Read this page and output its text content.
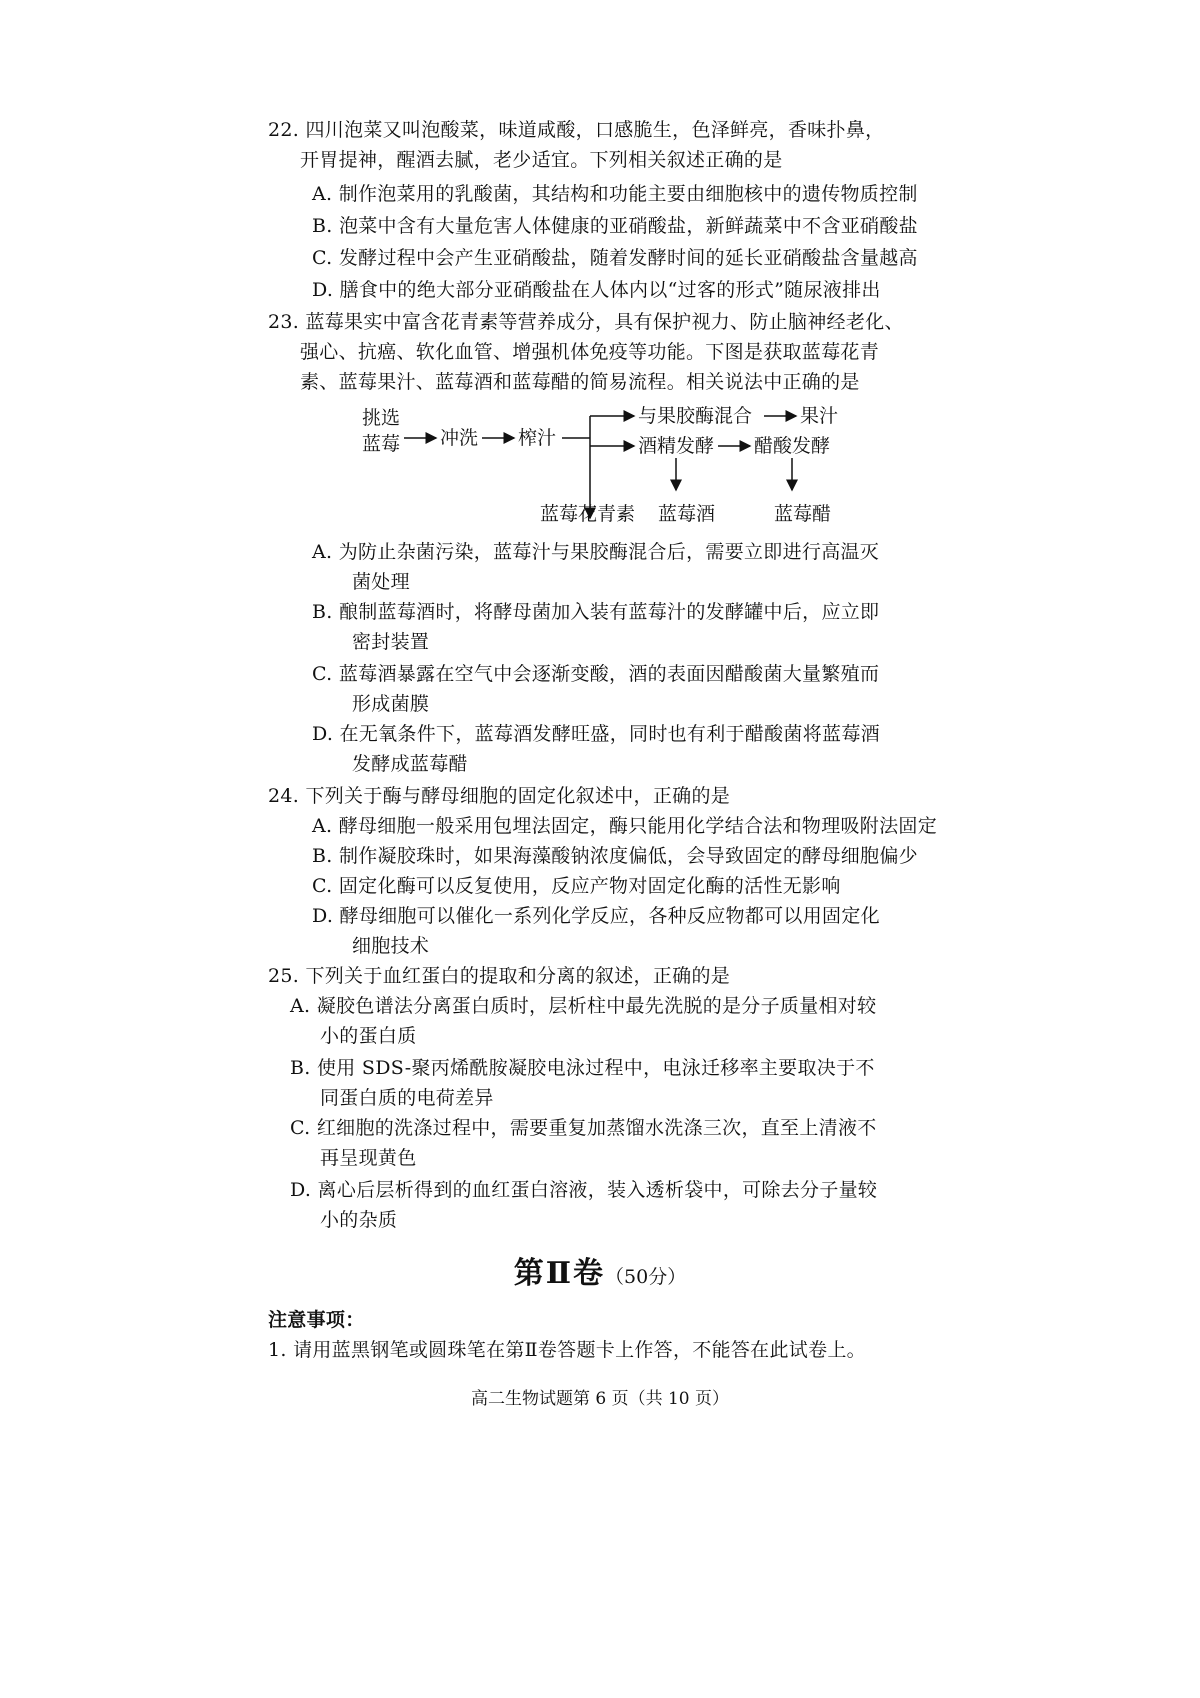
22. 四川泡菜又叫泡酸菜，味道咸酸，口感脆生，色泽鲜亮，香味扑鼻，
开胃提神，醒酒去腻，老少适宜。下列相关叙述正确的是
A. 制作泡菜用的乳酸菌，其结构和功能主要由细胞核中的遗传物质控制
B. 泡菜中含有大量危害人体健康的亚硝酸盐，新鲜蔬菜中不含亚硝酸盐
C. 发酵过程中会产生亚硝酸盐，随着发酵时间的延长亚硝酸盐含量越高
D. 膳食中的绝大部分亚硝酸盐在人体内以“过客的形式”随尿液排出
23. 蓝莓果实中富含花青素等营养成分，具有保护视力、防止脑神经老化、
强心、抗癌、软化血管、增强机体免疫等功能。下图是获取蓝莓花青
素、蓝莓果汁、蓝莓酒和蓝莓醋的简易流程。相关说法中正确的是
挑选
蓝莓 冲洗 榨汁
与果胶酶混合	果汁
酒精发酵 醋酸发酵
蓝莓花青素 蓝莓酒	蓝莓醋
A. 为防止杂菌污染，蓝莓汁与果胶酶混合后，需要立即进行高温灭
菌处理
B. 酿制蓝莓酒时，将酵母菌加入装有蓝莓汁的发酵罐中后，应立即
密封装置
C. 蓝莓酒暴露在空气中会逐渐变酸，酒的表面因醋酸菌大量繁殖而
形成菌膜
D. 在无氧条件下，蓝莓酒发酵旺盛，同时也有利于醋酸菌将蓝莓酒
发酵成蓝莓醋
24. 下列关于酶与酵母细胞的固定化叙述中，正确的是
A. 酵母细胞一般采用包埋法固定，酶只能用化学结合法和物理吸附法固定
B. 制作凝胶珠时，如果海藻酸钠浓度偏低，会导致固定的酵母细胞偏少
C. 固定化酶可以反复使用，反应产物对固定化酶的活性无影响
D. 酵母细胞可以催化一系列化学反应，各种反应物都可以用固定化
细胞技术
25. 下列关于血红蛋白的提取和分离的叙述，正确的是
A. 凝胶色谱法分离蛋白质时，层析柱中最先洗脱的是分子质量相对较
小的蛋白质
B. 使用 SDS-聚丙烯酰胺凝胶电泳过程中，电泳迁移率主要取决于不
同蛋白质的电荷差异
C. 红细胞的洗涤过程中，需要重复加蒸馏水洗涤三次，直至上清液不
再呈现黄色
D. 离心后层析得到的血红蛋白溶液，装入透析袋中，可除去分子量较
小的杂质
第Ⅱ卷（50分）
注意事项：
1. 请用蓝黑钢笔或圆珠笔在第Ⅱ卷答题卡上作答，不能答在此试卷上。
高二生物试题第 6 页（共 10 页）
